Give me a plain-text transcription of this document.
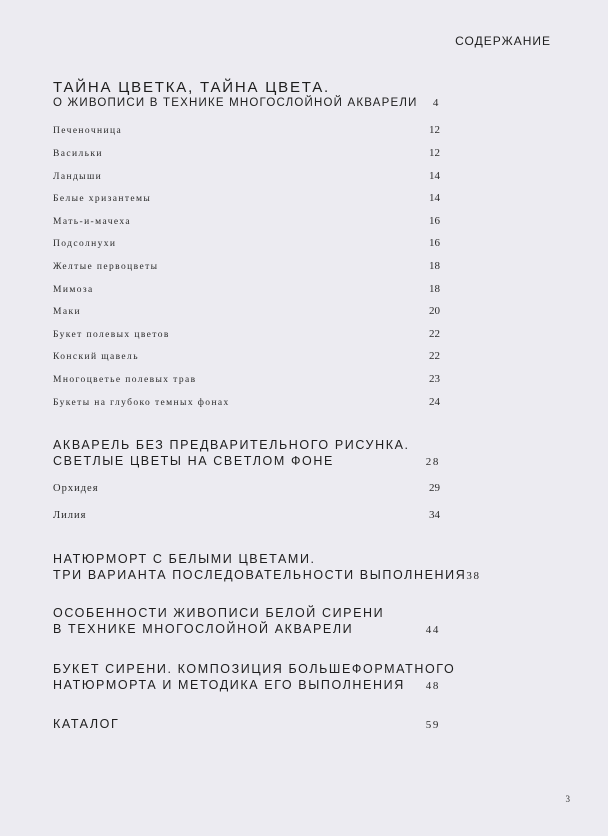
СОДЕРЖАНИЕ
ТАЙНА ЦВЕТКА, ТАЙНА ЦВЕТА.
О ЖИВОПИСИ В ТЕХНИКЕ МНОГОСЛОЙНОЙ АКВАРЕЛИ 4
Печеночница	12
Васильки	12
Ландыши	14
Белые хризантемы	14
Мать-и-мачеха	16
Подсолнухи	16
Желтые первоцветы	18
Мимоза	18
Маки	20
Букет полевых цветов	22
Конский щавель	22
Многоцветье полевых трав	23
Букеты на глубоко темных фонах	24
АКВАРЕЛЬ БЕЗ ПРЕДВАРИТЕЛЬНОГО РИСУНКА.
СВЕТЛЫЕ ЦВЕТЫ НА СВЕТЛОМ ФОНЕ	28
Орхидея	29
Лилия	34
НАТЮРМОРТ С БЕЛЫМИ ЦВЕТАМИ.
ТРИ ВАРИАНТА ПОСЛЕДОВАТЕЛЬНОСТИ ВЫПОЛНЕНИЯ 38
ОСОБЕННОСТИ ЖИВОПИСИ БЕЛОЙ СИРЕНИ
В ТЕХНИКЕ МНОГОСЛОЙНОЙ АКВАРЕЛИ	44
БУКЕТ СИРЕНИ. КОМПОЗИЦИЯ БОЛЬШЕФОРМАТНОГО
НАТЮРМОРТА И МЕТОДИКА ЕГО ВЫПОЛНЕНИЯ 48
КАТАЛОГ	59
3
